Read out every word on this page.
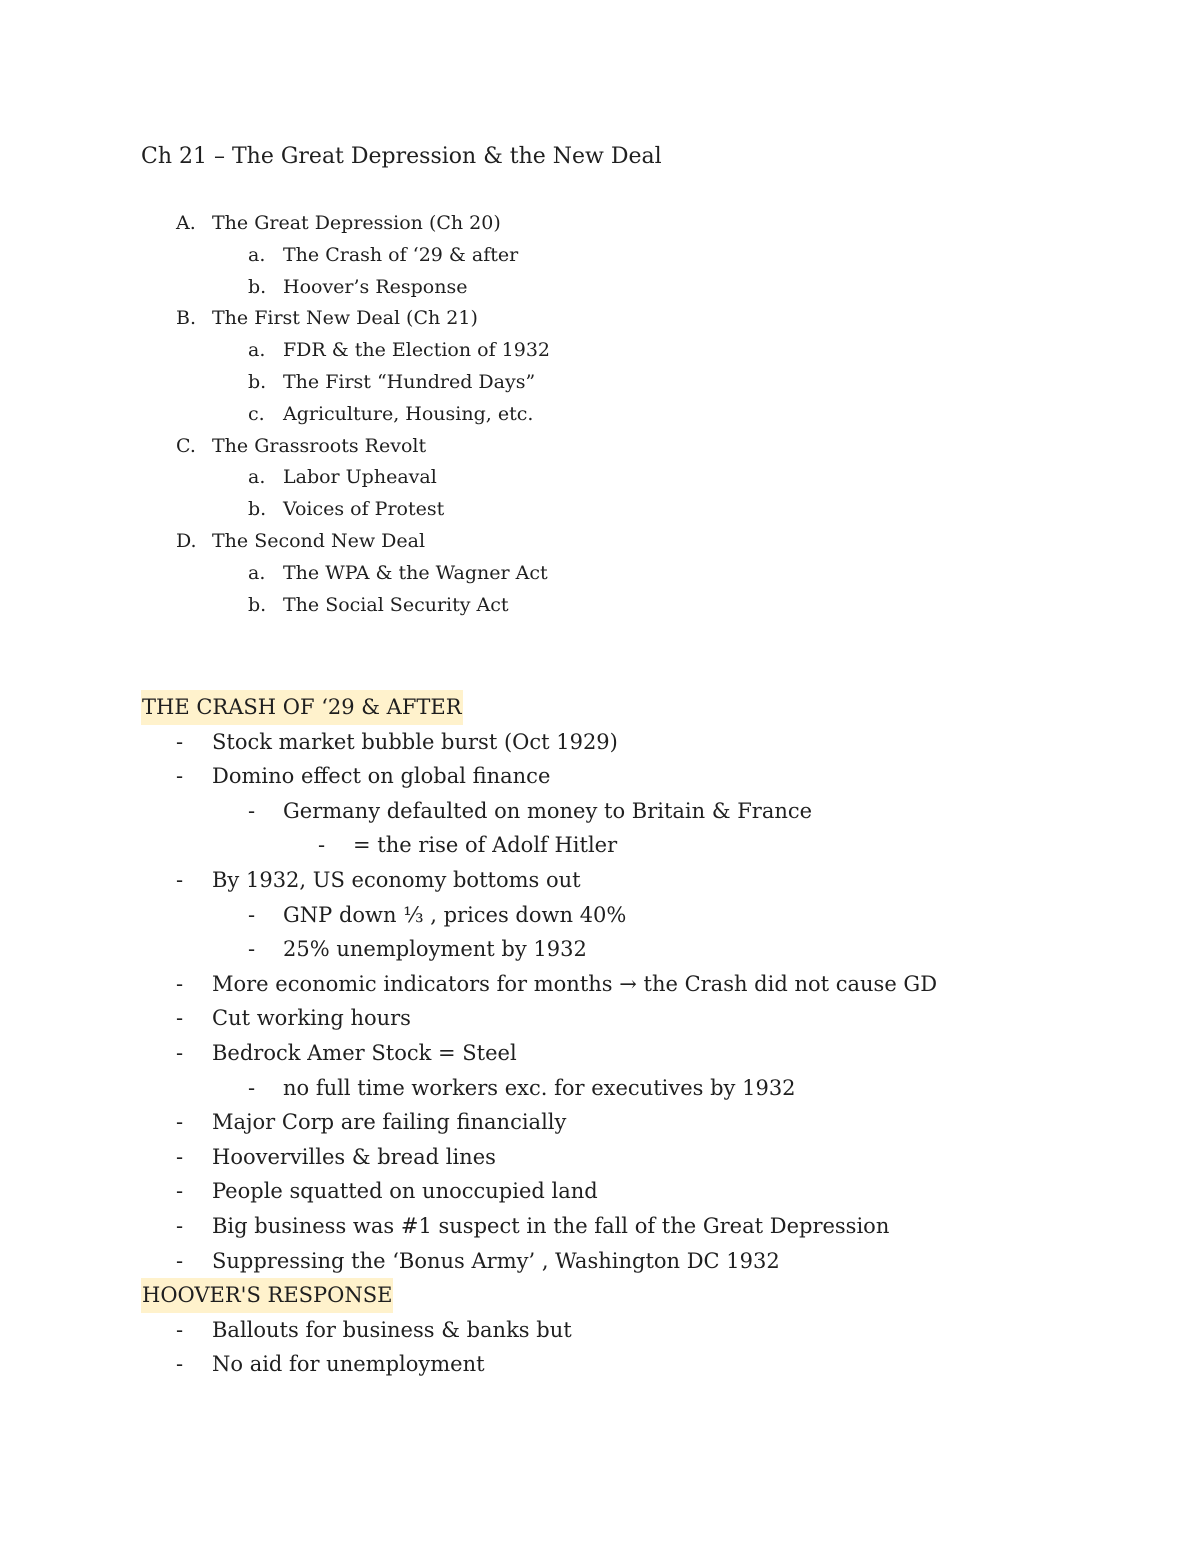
Ch 21 – The Great Depression & the New Deal
A. The Great Depression (Ch 20)
a. The Crash of ‘29 & after
b. Hoover’s Response
B. The First New Deal (Ch 21)
a. FDR & the Election of 1932
b. The First “Hundred Days”
c. Agriculture, Housing, etc.
C. The Grassroots Revolt
a. Labor Upheaval
b. Voices of Protest
D. The Second New Deal
a. The WPA & the Wagner Act
b. The Social Security Act
THE CRASH OF ‘29 & AFTER
- Stock market bubble burst (Oct 1929)
- Domino effect on global finance
- Germany defaulted on money to Britain & France
- = the rise of Adolf Hitler
- By 1932, US economy bottoms out
- GNP down ⅓ , prices down 40%
- 25% unemployment by 1932
- More economic indicators for months → the Crash did not cause GD
- Cut working hours
- Bedrock Amer Stock = Steel
- no full time workers exc. for executives by 1932
- Major Corp are failing financially
- Hoovervilles & bread lines
- People squatted on unoccupied land
- Big business was #1 suspect in the fall of the Great Depression
- Suppressing the ‘Bonus Army’ , Washington DC 1932
HOOVER'S RESPONSE
- Ballouts for business & banks but
- No aid for unemployment
